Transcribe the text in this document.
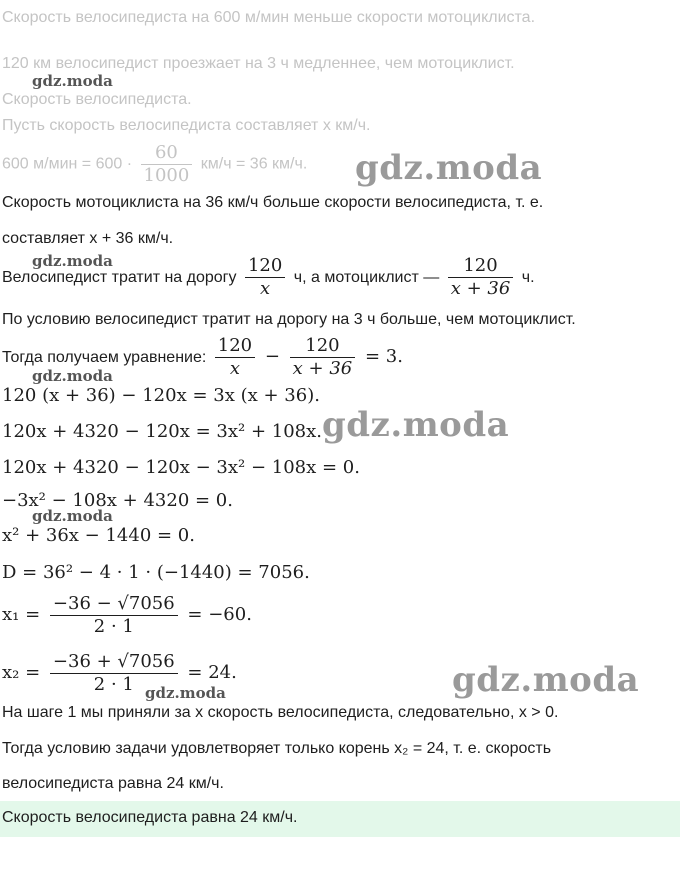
Скорость велосипедиста на 600 м/мин меньше скорости мотоциклиста.
120 км велосипедист проезжает на 3 ч медленнее, чем мотоциклист.
Скорость велосипедиста.
Пусть скорость велосипедиста составляет x км/ч.
600 $м/мин = 600 \cdot \frac{60}{1000} км/ч = 36$ км/ч.
Скорость мотоциклиста на 36 км/ч больше скорости велосипедиста, т. е.
составляет x + 36 км/ч.
Велосипедист тратит на дорогу $\frac{120}{x} ч$, а мотоциклист — $\frac{120}{x + 36} ч$.
По условию велосипедист тратит на дорогу на 3 ч больше, чем мотоциклист.
Тогда получаем уравнение: $\frac{120}{x} - \frac{120}{x + 36} = 3$.
120 (x + 36) − 120x = 3x (x + 36).
120x + 4320 − 120x = 3x² + 108x.
120x + 4320 − 120x − 3x² − 108x = 0.
−3x² − 108x + 4320 = 0.
x² + 36x − 1440 = 0.
D = 36² − 4 · 1 · (−1440) = 7056.
$x_1 = \frac{-36 - √7056}{2 \cdot 1} = -60$.
$x_2 = \frac{-36 + √7056}{2 \cdot 1} = 24$.
На шаге 1 мы приняли за x скорость велосипедиста, следовательно, x > 0.
Тогда условию задачи удовлетворяет только корень x₂ = 24, т. е. скорость
велосипедиста равна 24 км/ч.
Скорость велосипедиста равна 24 км/ч.
gdz.moda
gdz.moda
gdz.moda
gdz.moda
gdz.moda
gdz.moda
gdz.moda
gdz.moda
